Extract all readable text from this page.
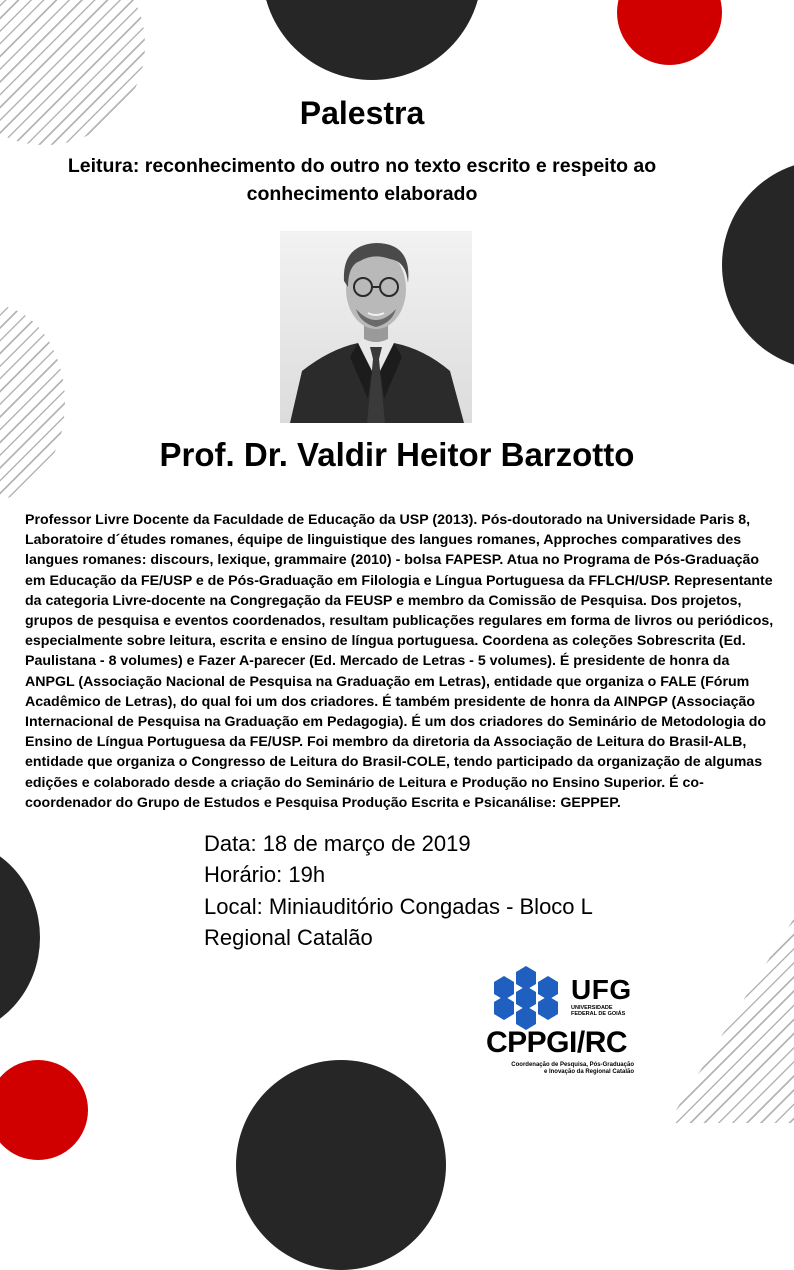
Palestra
Leitura: reconhecimento do outro no texto escrito e respeito ao
conhecimento elaborado
Prof. Dr. Valdir Heitor Barzotto
Professor Livre Docente da Faculdade de Educação da USP (2013). Pós-doutorado na Universidade Paris 8, Laboratoire d´études romanes, équipe de linguistique des langues romanes, Approches comparatives des langues romanes: discours, lexique, grammaire (2010) - bolsa FAPESP. Atua no Programa de Pós-Graduação em Educação da FE/USP e de Pós-Graduação em Filologia e Língua Portuguesa da FFLCH/USP. Representante da categoria Livre-docente na Congregação da FEUSP e membro da Comissão de Pesquisa. Dos projetos, grupos de pesquisa e eventos coordenados, resultam publicações regulares em forma de livros ou periódicos, especialmente sobre leitura, escrita e ensino de língua portuguesa. Coordena as coleções Sobrescrita (Ed. Paulistana - 8 volumes) e Fazer A-parecer (Ed. Mercado de Letras - 5 volumes). É presidente de honra da ANPGL (Associação Nacional de Pesquisa na Graduação em Letras), entidade que organiza o FALE (Fórum Acadêmico de Letras), do qual foi um dos criadores. É também presidente de honra da AINPGP (Associação Internacional de Pesquisa na Graduação em Pedagogia). É um dos criadores do Seminário de Metodologia do Ensino de Língua Portuguesa da FE/USP. Foi membro da diretoria da Associação de Leitura do Brasil-ALB, entidade que organiza o Congresso de Leitura do Brasil-COLE, tendo participado da organização de algumas edições e colaborado desde a criação do Seminário de Leitura e Produção no Ensino Superior. É co-coordenador do Grupo de Estudos e Pesquisa Produção Escrita e Psicanálise: GEPPEP.
Data: 18 de março de 2019
Horário: 19h
Local: Miniauditório Congadas - Bloco L
Regional Catalão
UFG
UNIVERSIDADE
FEDERAL DE GOIÁS
CPPGI/RC
Coordenação de Pesquisa, Pós-Graduação
e Inovação da Regional Catalão
